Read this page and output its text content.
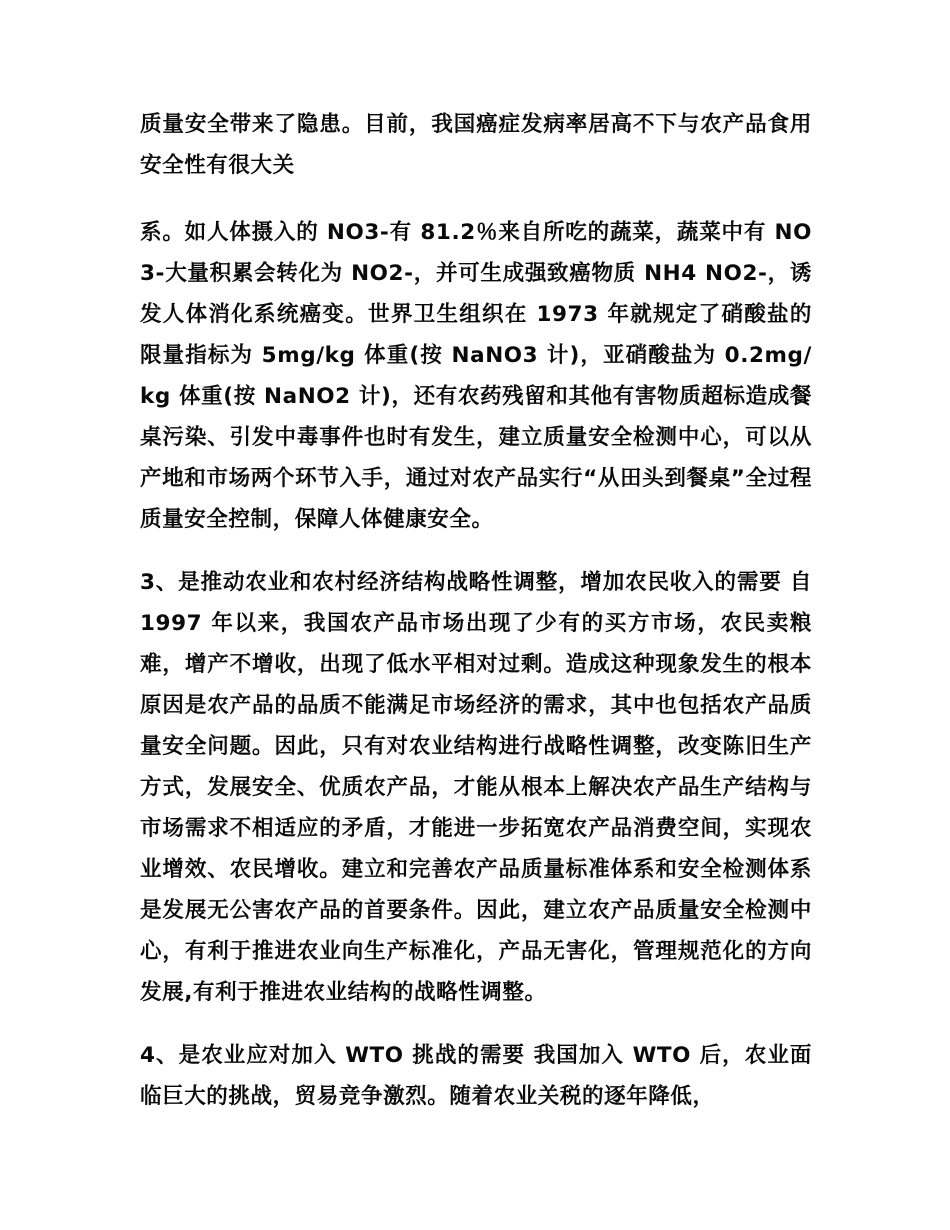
质量安全带来了隐患。目前，我国癌症发病率居高不下与农产品食用安全性有很大关

系。如人体摄入的 NO3-有 81.2％来自所吃的蔬菜，蔬菜中有 NO3-大量积累会转化为 NO2-，并可生成强致癌物质 NH4 NO2-，诱发人体消化系统癌变。世界卫生组织在 1973 年就规定了硝酸盐的限量指标为 5mg/kg 体重(按 NaNO3 计)，亚硝酸盐为 0.2mg/kg 体重(按 NaNO2 计)，还有农药残留和其他有害物质超标造成餐桌污染、引发中毒事件也时有发生，建立质量安全检测中心，可以从产地和市场两个环节入手，通过对农产品实行“从田头到餐桌”全过程质量安全控制，保障人体健康安全。

3、是推动农业和农村经济结构战略性调整，增加农民收入的需要 自 1997 年以来，我国农产品市场出现了少有的买方市场，农民卖粮难，增产不增收，出现了低水平相对过剩。造成这种现象发生的根本原因是农产品的品质不能满足市场经济的需求，其中也包括农产品质量安全问题。因此，只有对农业结构进行战略性调整，改变陈旧生产方式，发展安全、优质农产品，才能从根本上解决农产品生产结构与市场需求不相适应的矛盾，才能进一步拓宽农产品消费空间，实现农业增效、农民增收。建立和完善农产品质量标准体系和安全检测体系是发展无公害农产品的首要条件。因此，建立农产品质量安全检测中心，有利于推进农业向生产标准化，产品无害化，管理规范化的方向发展,有利于推进农业结构的战略性调整。

4、是农业应对加入 WTO 挑战的需要 我国加入 WTO 后，农业面临巨大的挑战，贸易竞争激烈。随着农业关税的逐年降低，
